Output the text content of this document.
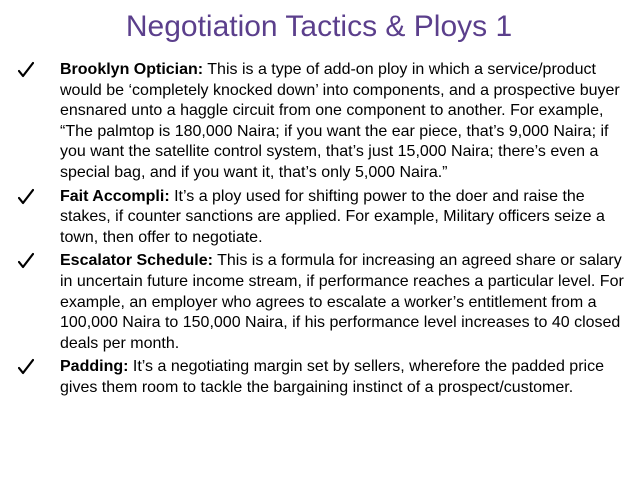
Negotiation Tactics & Ploys 1
Brooklyn Optician: This is a type of add-on ploy in which a service/product would be ‘completely knocked down’ into components, and a prospective buyer ensnared unto a haggle circuit from one component to another. For example, “The palmtop is 180,000 Naira; if you want the ear piece, that’s 9,000 Naira; if you want the satellite control system, that’s just 15,000 Naira; there’s even a special bag, and if you want it, that’s only 5,000 Naira.”
Fait Accompli: It’s a ploy used for shifting power to the doer and raise the stakes, if counter sanctions are applied. For example, Military officers seize a town, then offer to negotiate.
Escalator Schedule: This is a formula for increasing an agreed share or salary in uncertain future income stream, if performance reaches a particular level. For example, an employer who agrees to escalate a worker’s entitlement from a 100,000 Naira to 150,000 Naira, if his performance level increases to 40 closed deals per month.
Padding: It’s a negotiating margin set by sellers, wherefore the padded price gives them room to tackle the bargaining instinct of a prospect/customer.
